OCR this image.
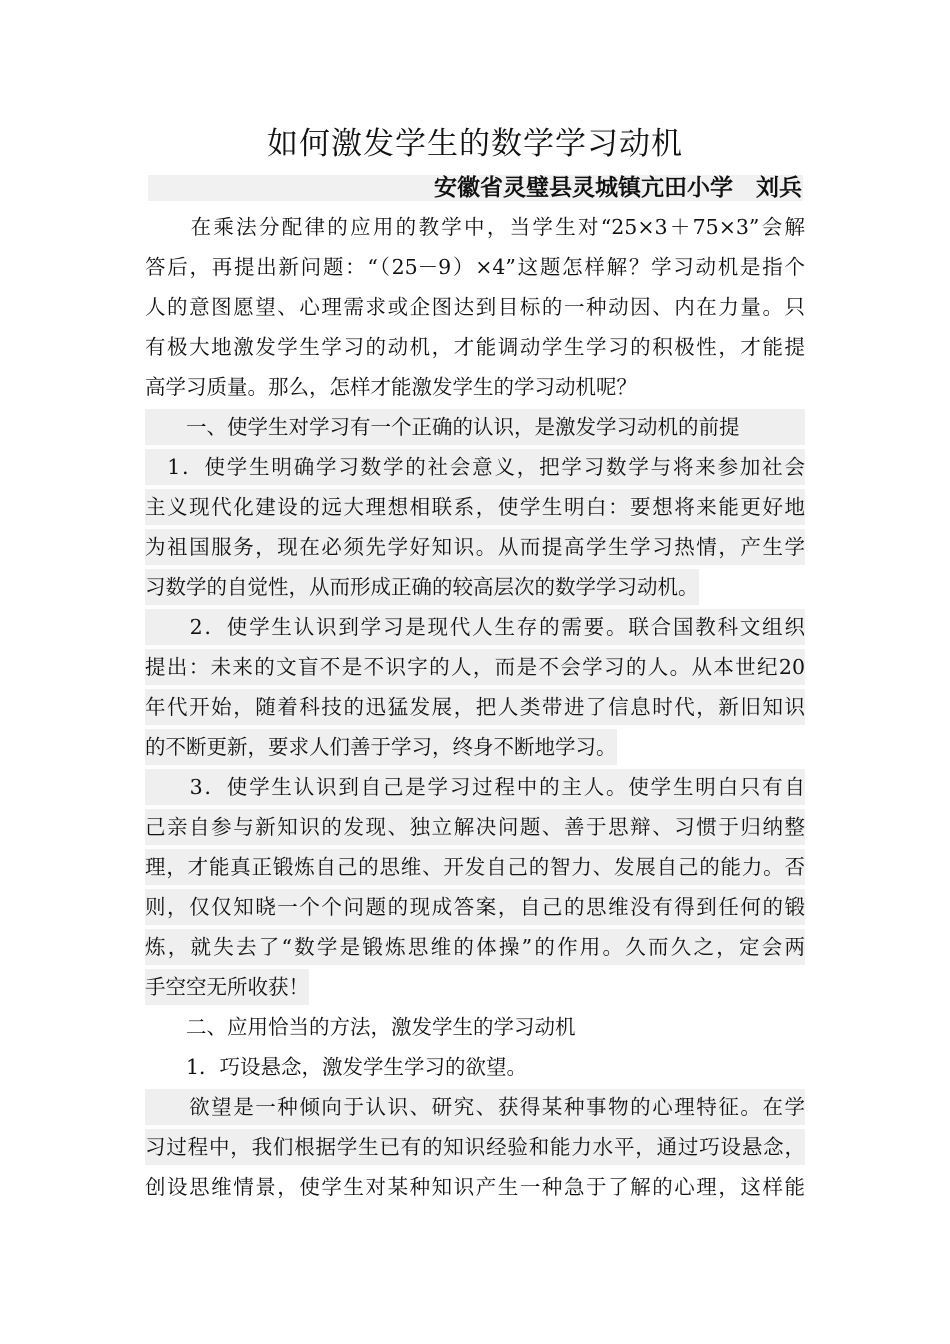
如何激发学生的数学学习动机
安徽省灵璧县灵城镇亢田小学　刘兵
　　在乘法分配律的应用的教学中，当学生对“25×3＋75×3”会解
答后，再提出新问题：“（25－9）×4”这题怎样解？学习动机是指个
人的意图愿望、心理需求或企图达到目标的一种动因、内在力量。只
有极大地激发学生学习的动机，才能调动学生学习的积极性，才能提
高学习质量。那么，怎样才能激发学生的学习动机呢？
　　一、使学生对学习有一个正确的认识，是激发学习动机的前提
　1．使学生明确学习数学的社会意义，把学习数学与将来参加社会
主义现代化建设的远大理想相联系，使学生明白：要想将来能更好地
为祖国服务，现在必须先学好知识。从而提高学生学习热情，产生学
习数学的自觉性，从而形成正确的较高层次的数学学习动机。
　　2．使学生认识到学习是现代人生存的需要。联合国教科文组织
提出：未来的文盲不是不识字的人，而是不会学习的人。从本世纪20
年代开始，随着科技的迅猛发展，把人类带进了信息时代，新旧知识
的不断更新，要求人们善于学习，终身不断地学习。
　　3．使学生认识到自己是学习过程中的主人。使学生明白只有自
己亲自参与新知识的发现、独立解决问题、善于思辩、习惯于归纳整
理，才能真正锻炼自己的思维、开发自己的智力、发展自己的能力。否
则，仅仅知晓一个个问题的现成答案，自己的思维没有得到任何的锻
炼，就失去了“数学是锻炼思维的体操”的作用。久而久之，定会两
手空空无所收获！
　　二、应用恰当的方法，激发学生的学习动机
　　1．巧设悬念，激发学生学习的欲望。
　　欲望是一种倾向于认识、研究、获得某种事物的心理特征。在学
习过程中，我们根据学生已有的知识经验和能力水平，通过巧设悬念，
创设思维情景，使学生对某种知识产生一种急于了解的心理，这样能
